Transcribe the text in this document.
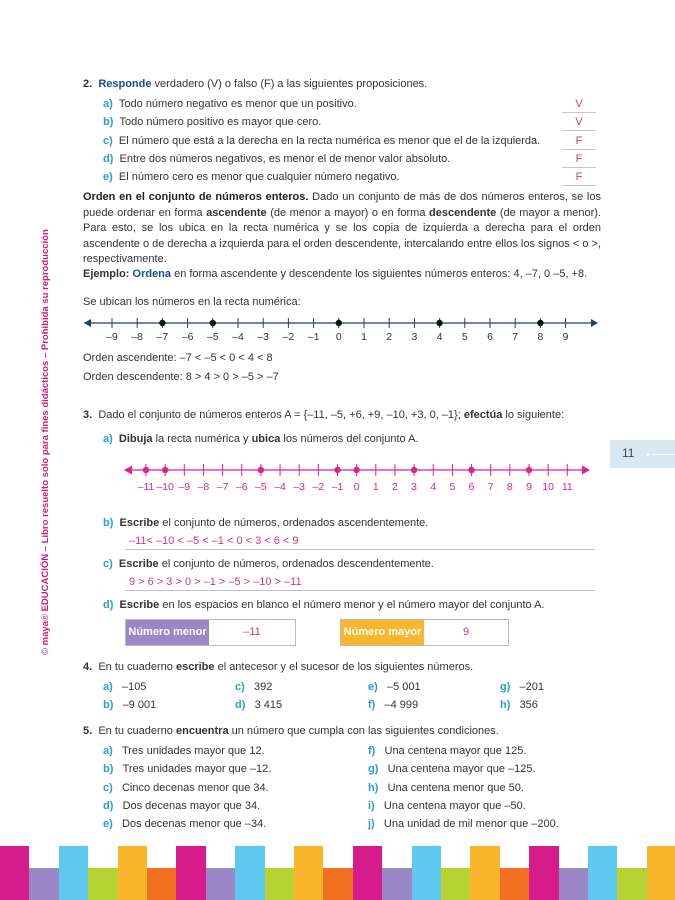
© maya® EDUCACIÓN – Libro resuelto solo para fines didácticos – Prohibida su reproducción	11
2. Responde verdadero (V) o falso (F) a las siguientes proposiciones.
a) Todo número negativo es menor que un positivo.	V
b) Todo número positivo es mayor que cero.	V
c) El número que está a la derecha en la recta numérica es menor que el de la izquierda.	F
d) Entre dos números negativos, es menor el de menor valor absoluto.	F
e) El número cero es menor que cualquier número negativo.	F
Orden en el conjunto de números enteros. Dado un conjunto de más de dos números enteros, se los puede ordenar en forma ascendente (de menor a mayor) o en forma descendente (de mayor a menor). Para esto, se los ubica en la recta numérica y se los copia de izquierda a derecha para el orden ascendente o de derecha a izquierda para el orden descendente, intercalando entre ellos los signos < o >, respectivamente.
Ejemplo: Ordena en forma ascendente y descendente los siguientes números enteros: 4, –7, 0 –5, +8.
Se ubican los números en la recta numérica:
–9 –8 –7 –6 –5 –4 –3 –2 –1 0 1 2 3 4 5 6 7 8 9
Orden ascendente: –7 < –5 < 0 < 4 < 8
Orden descendente: 8 > 4 > 0 > –5 > –7
3. Dado el conjunto de números enteros A = {–11, –5, +6, +9, –10, +3, 0, –1}; efectúa lo siguiente:
a) Dibuja la recta numérica y ubica los números del conjunto A.
–11 –10 –9 –8 –7 –6 –5 –4 –3 –2 –1 0 1 2 3 4 5 6 7 8 9 10 11
b) Escribe el conjunto de números, ordenados ascendentemente.
–11< –10 < –5 < –1 < 0 < 3 < 6 < 9
c) Escribe el conjunto de números, ordenados descendentemente.
9 > 6 > 3 > 0 > –1 > –5 > –10 > –11
d) Escribe en los espacios en blanco el número menor y el número mayor del conjunto A.
Número menor	–11	Número mayor	9
4. En tu cuaderno escribe el antecesor y el sucesor de los siguientes números.
a) –105	c) 392	e) –5 001	g) –201
b) –9 001	d) 3 415	f) –4 999	h) 356
5. En tu cuaderno encuentra un número que cumpla con las siguientes condiciones.
a) Tres unidades mayor que 12.
b) Tres unidades mayor que –12.
c) Cinco decenas menor que 34.
d) Dos decenas mayor que 34.
e) Dos decenas menor que –34.
f) Una centena mayor que 125.
g) Una centena mayor que –125.
h) Una centena menor que 50.
i) Una centena mayor que –50.
j) Una unidad de mil menor que –200.
